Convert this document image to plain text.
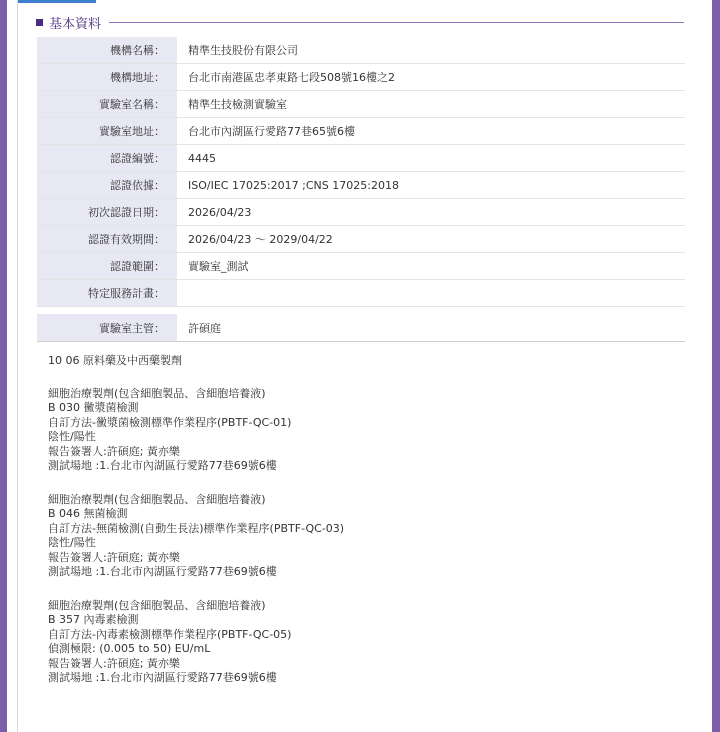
基本資料
機構名稱：	精準生技股份有限公司
機構地址：	台北市南港區忠孝東路七段508號16樓之2
實驗室名稱：	精準生技檢測實驗室
實驗室地址：	台北市內湖區行愛路77巷65號6樓
認證編號：	4445
認證依據：	ISO/IEC 17025:2017 ;CNS 17025:2018
初次認證日期：	2026/04/23
認證有效期間：	2026/04/23 ～ 2029/04/22
認證範圍：	實驗室_測試
特定服務計畫：	
實驗室主管：	許碩庭
10 06 原料藥及中西藥製劑
細胞治療製劑(包含細胞製品、含細胞培養液)
B 030 黴漿菌檢測
自訂方法-黴漿菌檢測標準作業程序(PBTF-QC-01)
陰性/陽性
報告簽署人:許碩庭; 黃亦樂
測試場地 :1.台北市內湖區行愛路77巷69號6樓
細胞治療製劑(包含細胞製品、含細胞培養液)
B 046 無菌檢測
自訂方法-無菌檢測(自動生長法)標準作業程序(PBTF-QC-03)
陰性/陽性
報告簽署人:許碩庭; 黃亦樂
測試場地 :1.台北市內湖區行愛路77巷69號6樓
細胞治療製劑(包含細胞製品、含細胞培養液)
B 357 內毒素檢測
自訂方法-內毒素檢測標準作業程序(PBTF-QC-05)
偵測極限: (0.005 to 50) EU/mL
報告簽署人:許碩庭; 黃亦樂
測試場地 :1.台北市內湖區行愛路77巷69號6樓
